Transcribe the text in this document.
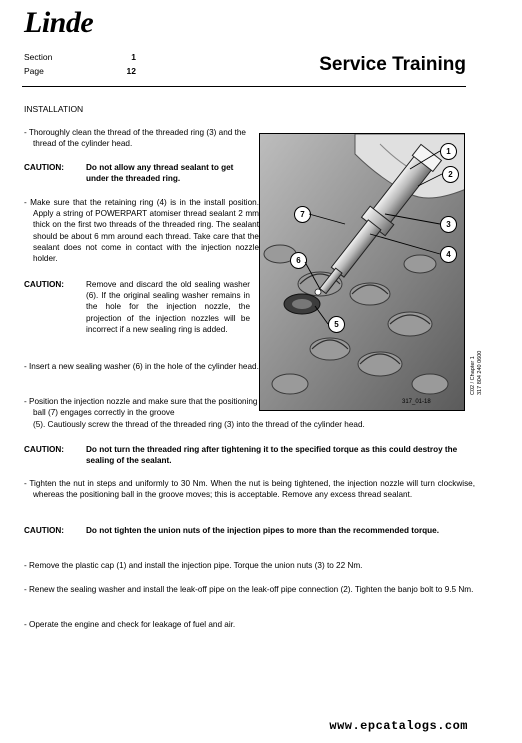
Linde
Section	1
Page	12	Service Training
INSTALLATION
- Thoroughly clean the thread of the threaded ring (3) and the thread of the cylinder head.
CAUTION:	Do not allow any thread sealant to get under the threaded ring.
- Make sure that the retaining ring (4) is in the install position. Apply a string of POWERPART atomiser thread sealant 2 mm thick on the first two threads of the threaded ring. The sealant should be about 6 mm around each thread. Take care that the sealant does not come in contact with the injection nozzle holder.
CAUTION:	Remove and discard the old sealing washer (6). If the original sealing washer remains in the hole for the injection nozzle, the projection of the injection nozzles will be incorrect if a new sealing ring is added.
- Insert a new sealing washer (6) in the hole of the cylinder head.
- Position the injection nozzle and make sure that the positioning ball (7) engages correctly in the groove
(5). Cautiously screw the thread of the threaded ring (3) into the thread of the cylinder head.
CAUTION:	Do not turn the threaded ring after tightening it to the specified torque as this could destroy the sealing of the sealant.
- Tighten the nut in steps and uniformly to 30 Nm. When the nut is being tightened, the injection nozzle will turn clockwise, whereas the positioning ball in the groove moves; this is acceptable. Remove any excess thread sealant.
CAUTION:	Do not tighten the union nuts of the injection pipes to more than the recommended torque.
- Remove the plastic cap (1) and install the injection pipe. Torque the union nuts (3) to 22 Nm.
- Renew the sealing washer and install the leak-off pipe on the leak-off pipe connection (2). Tighten the banjo bolt to 9.5 Nm.
- Operate the engine and check for leakage of fuel and air.
1
2
3
4
5
6
7
317_01-18
C02 / Chapter 1 317 804 240 0600
www.epcatalogs.com
